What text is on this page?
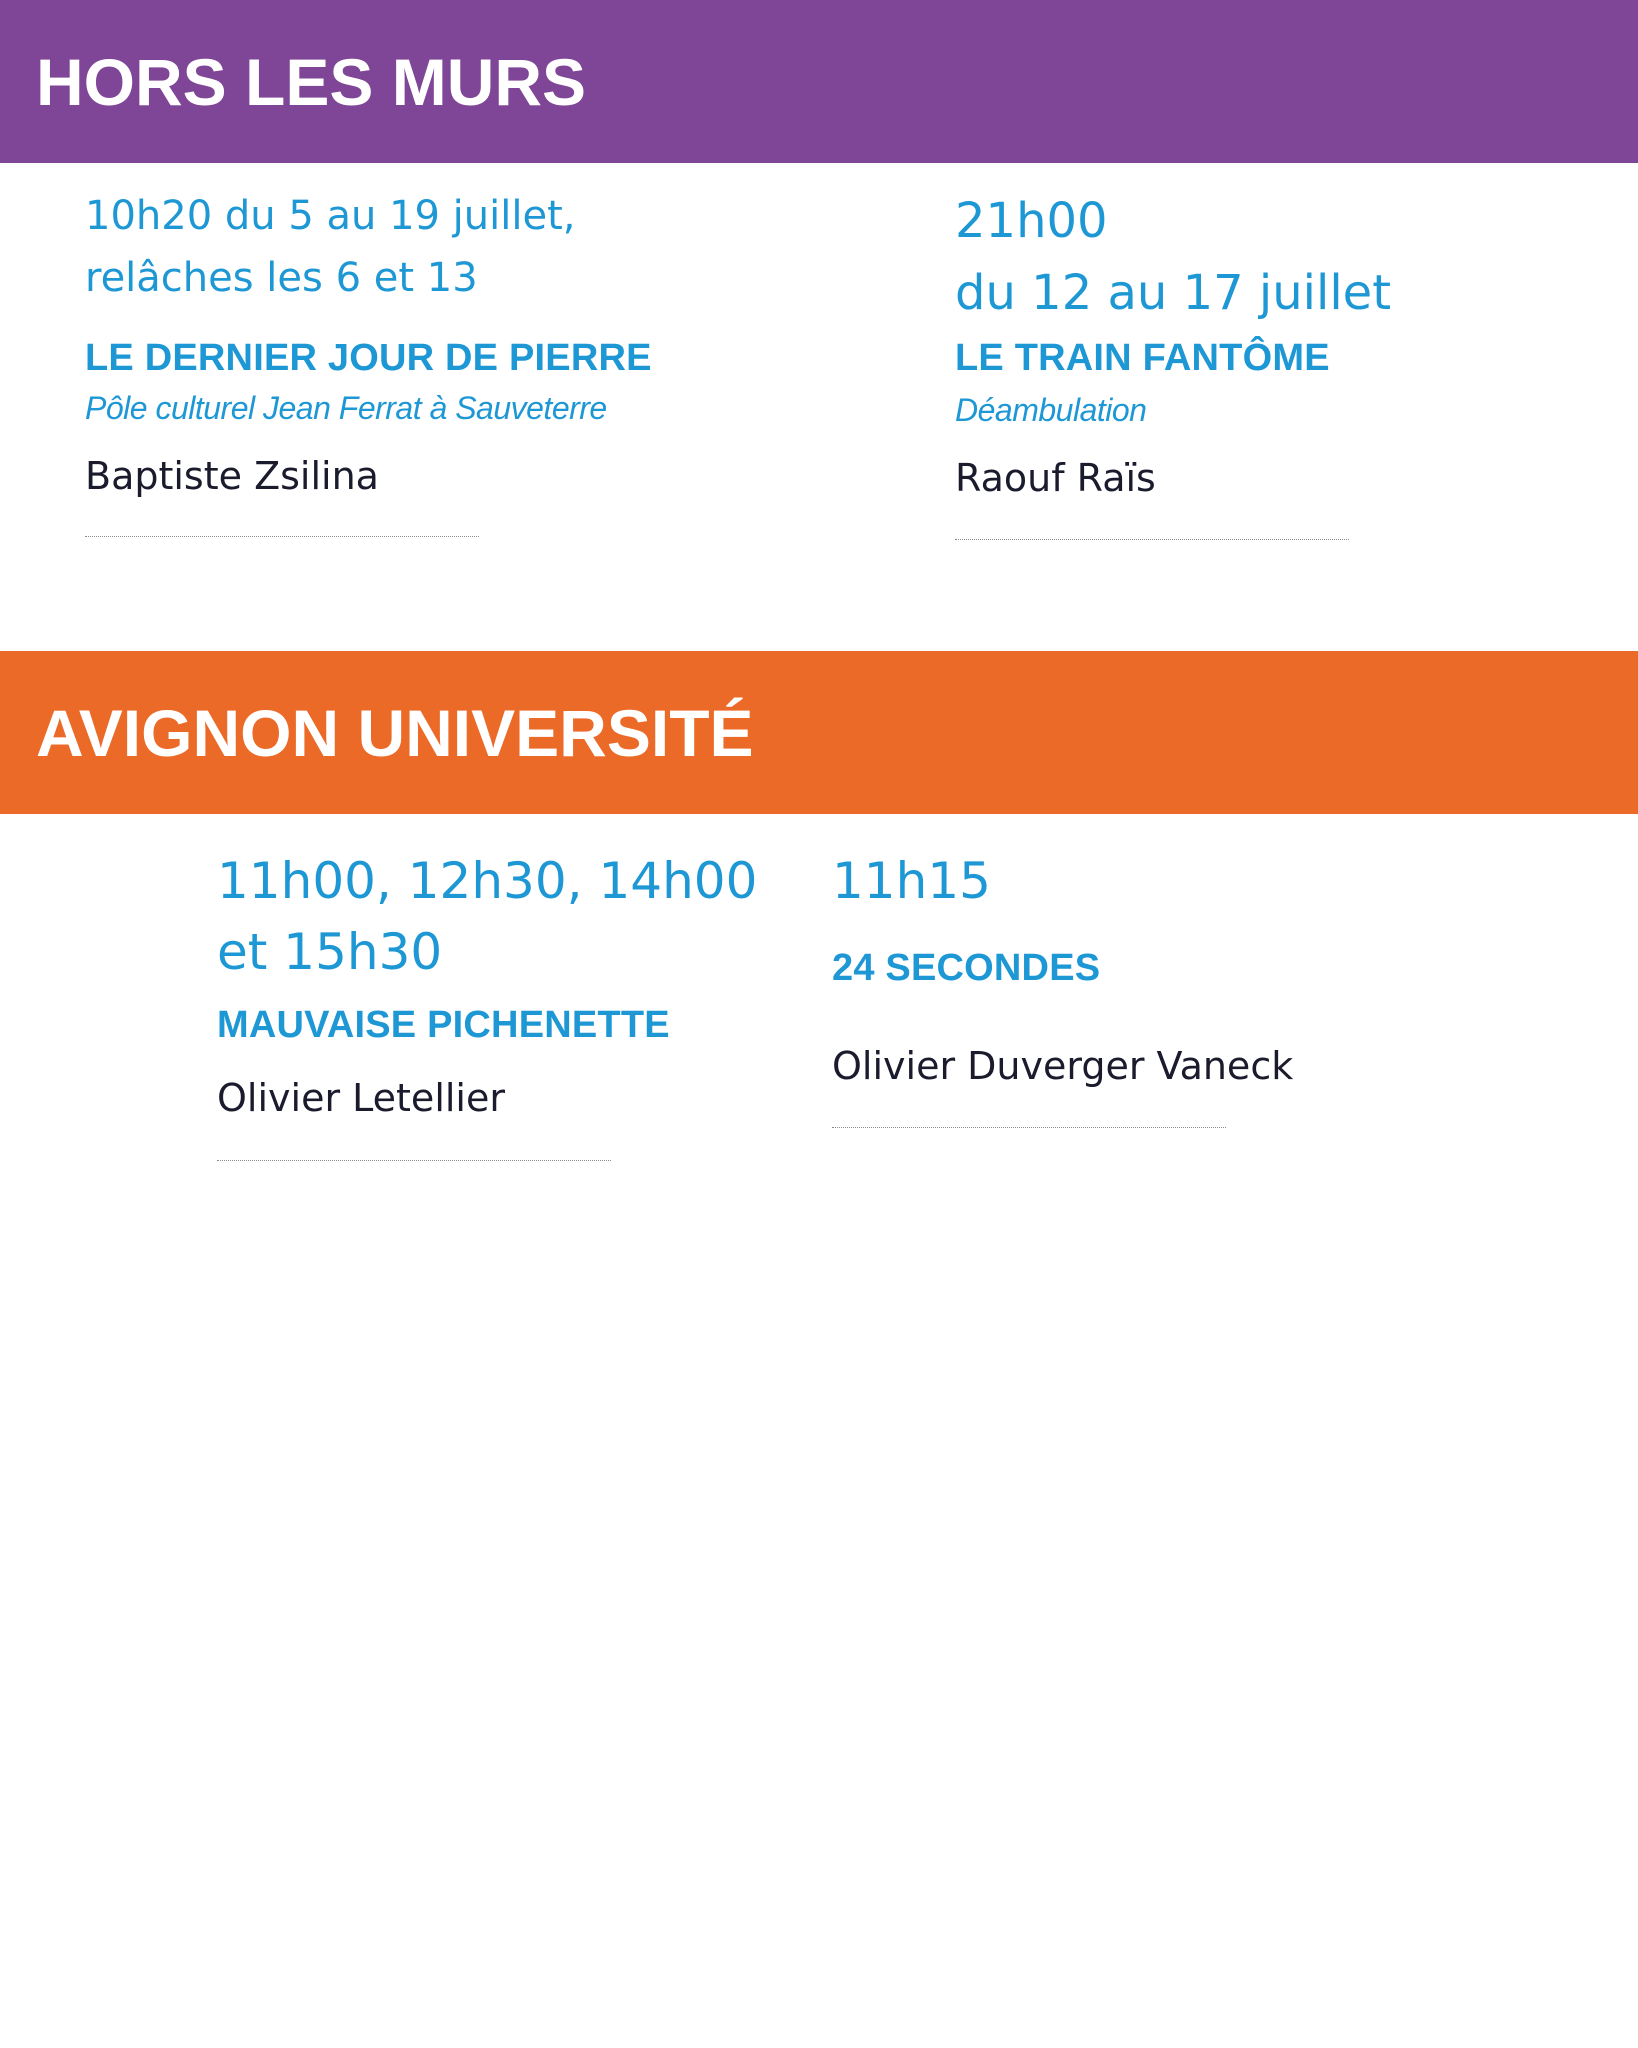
HORS LES MURS
10h20 du 5 au 19 juillet,
relâches les 6 et 13
LE DERNIER JOUR DE PIERRE
Pôle culturel Jean Ferrat à Sauveterre
Baptiste Zsilina
21h00
du 12 au 17 juillet
LE TRAIN FANTÔME
Déambulation
Raouf Raïs
AVIGNON UNIVERSITÉ
11h00, 12h30, 14h00
et 15h30
MAUVAISE PICHENETTE
Olivier Letellier
11h15
24 SECONDES
Olivier Duverger Vaneck
